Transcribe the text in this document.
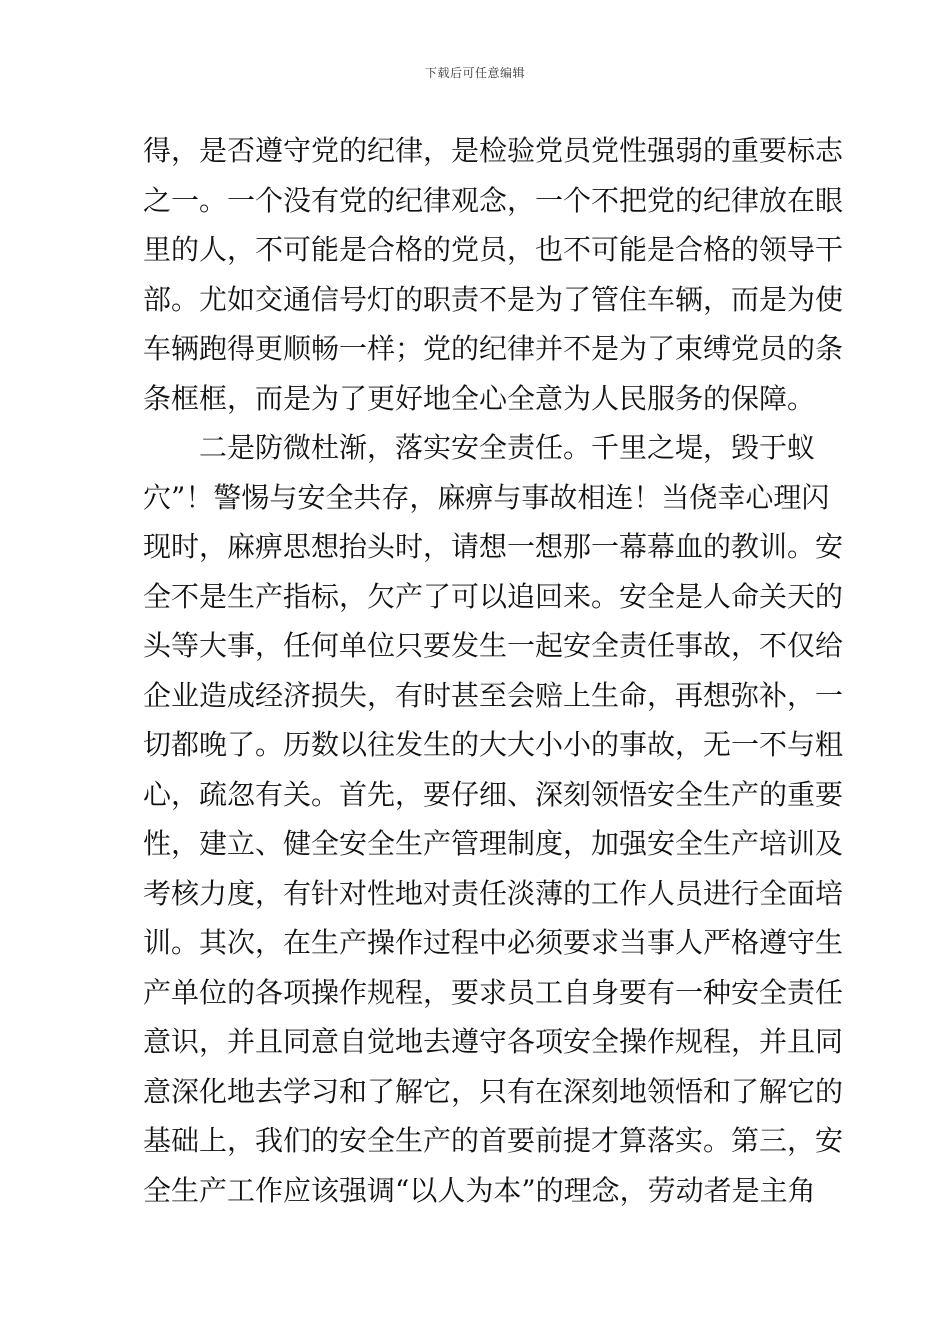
下载后可任意编辑
得，是否遵守党的纪律，是检验党员党性强弱的重要标志
之一。一个没有党的纪律观念，一个不把党的纪律放在眼
里的人，不可能是合格的党员，也不可能是合格的领导干
部。尤如交通信号灯的职责不是为了管住车辆，而是为使
车辆跑得更顺畅一样；党的纪律并不是为了束缚党员的条
条框框，而是为了更好地全心全意为人民服务的保障。
二是防微杜渐，落实安全责任。千里之堤，毁于蚁
穴”！警惕与安全共存，麻痹与事故相连！当侥幸心理闪
现时，麻痹思想抬头时，请想一想那一幕幕血的教训。安
全不是生产指标，欠产了可以追回来。安全是人命关天的
头等大事，任何单位只要发生一起安全责任事故，不仅给
企业造成经济损失，有时甚至会赔上生命，再想弥补，一
切都晚了。历数以往发生的大大小小的事故，无一不与粗
心，疏忽有关。首先，要仔细、深刻领悟安全生产的重要
性，建立、健全安全生产管理制度，加强安全生产培训及
考核力度，有针对性地对责任淡薄的工作人员进行全面培
训。其次，在生产操作过程中必须要求当事人严格遵守生
产单位的各项操作规程，要求员工自身要有一种安全责任
意识，并且同意自觉地去遵守各项安全操作规程，并且同
意深化地去学习和了解它，只有在深刻地领悟和了解它的
基础上，我们的安全生产的首要前提才算落实。第三，安
全生产工作应该强调“以人为本”的理念，劳动者是主角
